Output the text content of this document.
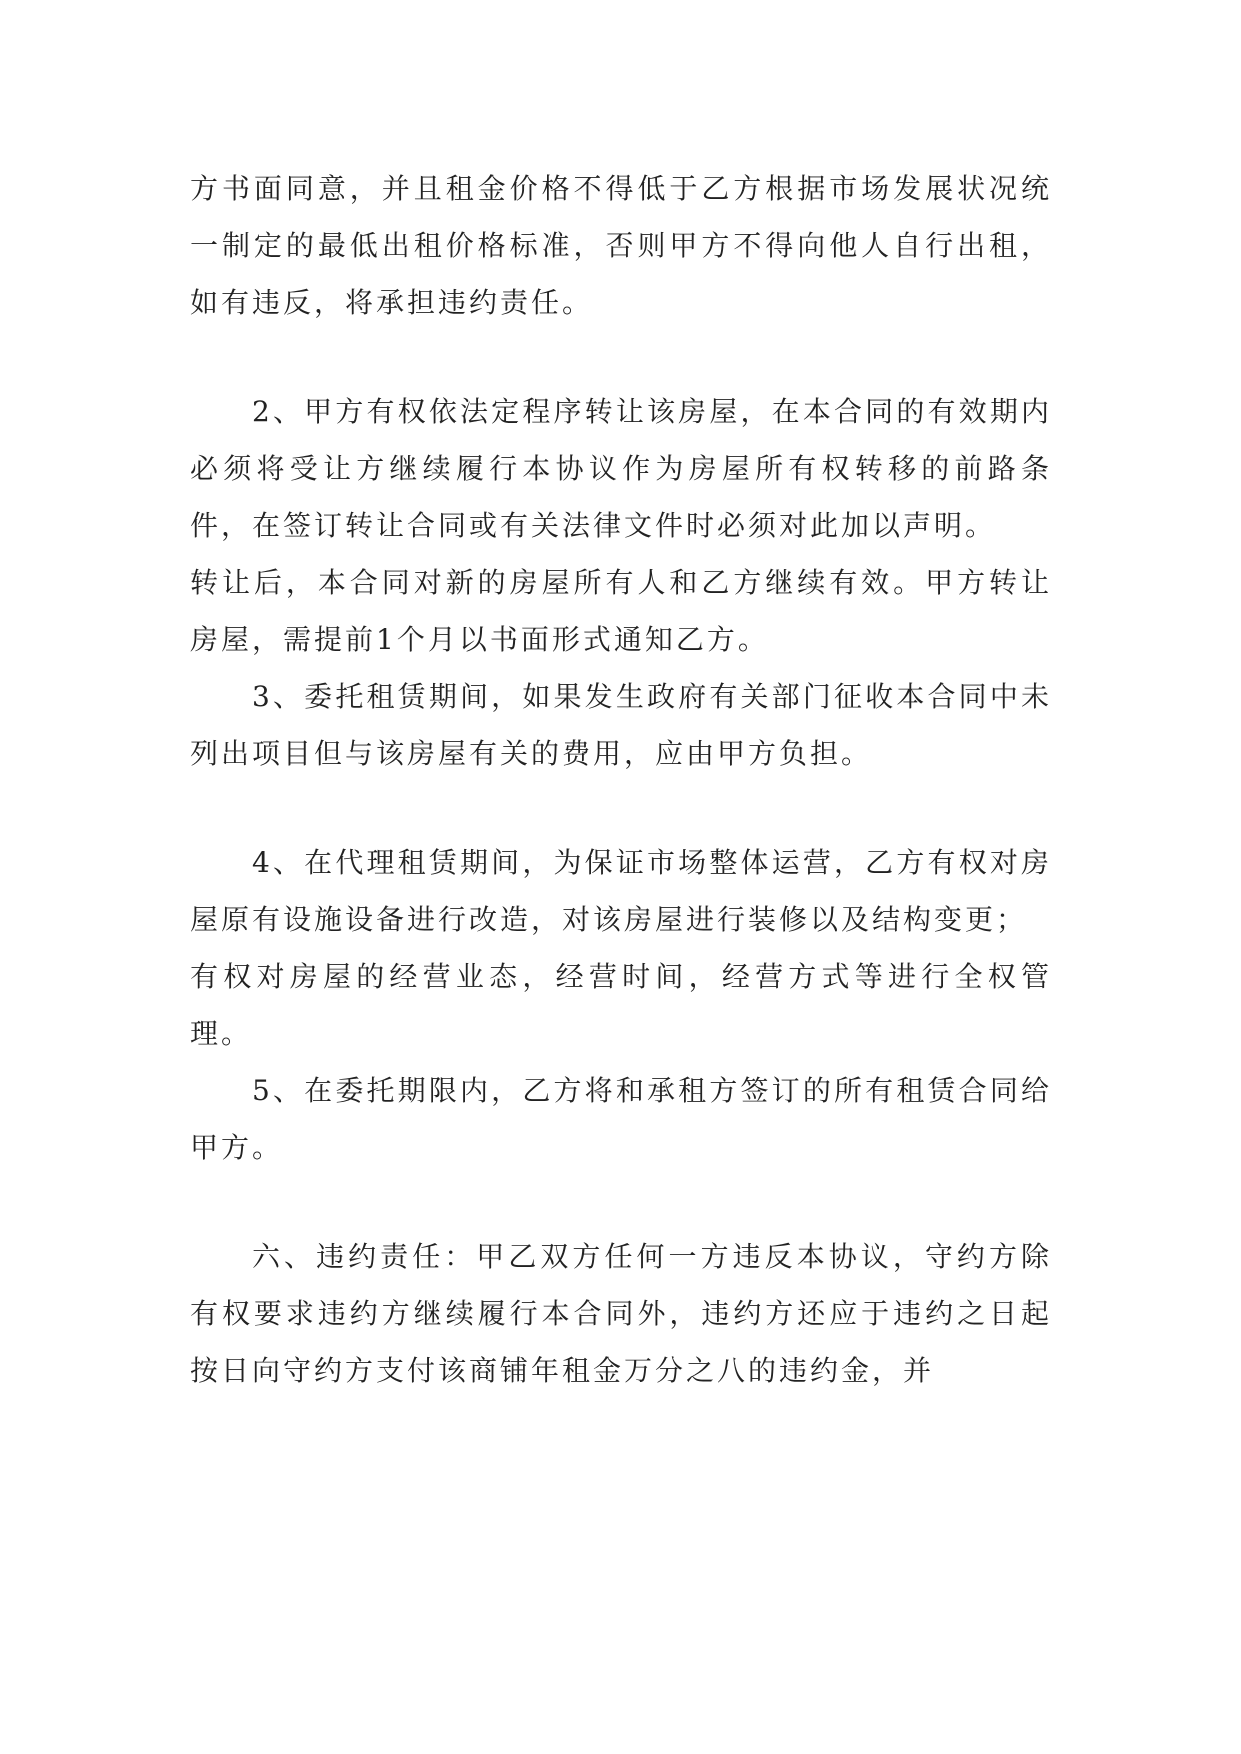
方书面同意，并且租金价格不得低于乙方根据市场发展状况统一制定的最低出租价格标准，否则甲方不得向他人自行出租，如有违反，将承担违约责任。

2、甲方有权依法定程序转让该房屋，在本合同的有效期内必须将受让方继续履行本协议作为房屋所有权转移的前路条件，在签订转让合同或有关法律文件时必须对此加以声明。

转让后，本合同对新的房屋所有人和乙方继续有效。甲方转让房屋，需提前1个月以书面形式通知乙方。

3、委托租赁期间，如果发生政府有关部门征收本合同中未列出项目但与该房屋有关的费用，应由甲方负担。

4、在代理租赁期间，为保证市场整体运营，乙方有权对房屋原有设施设备进行改造，对该房屋进行装修以及结构变更；

有权对房屋的经营业态，经营时间，经营方式等进行全权管理。

5、在委托期限内，乙方将和承租方签订的所有租赁合同给甲方。

六、违约责任：甲乙双方任何一方违反本协议，守约方除有权要求违约方继续履行本合同外，违约方还应于违约之日起按日向守约方支付该商铺年租金万分之八的违约金，并
